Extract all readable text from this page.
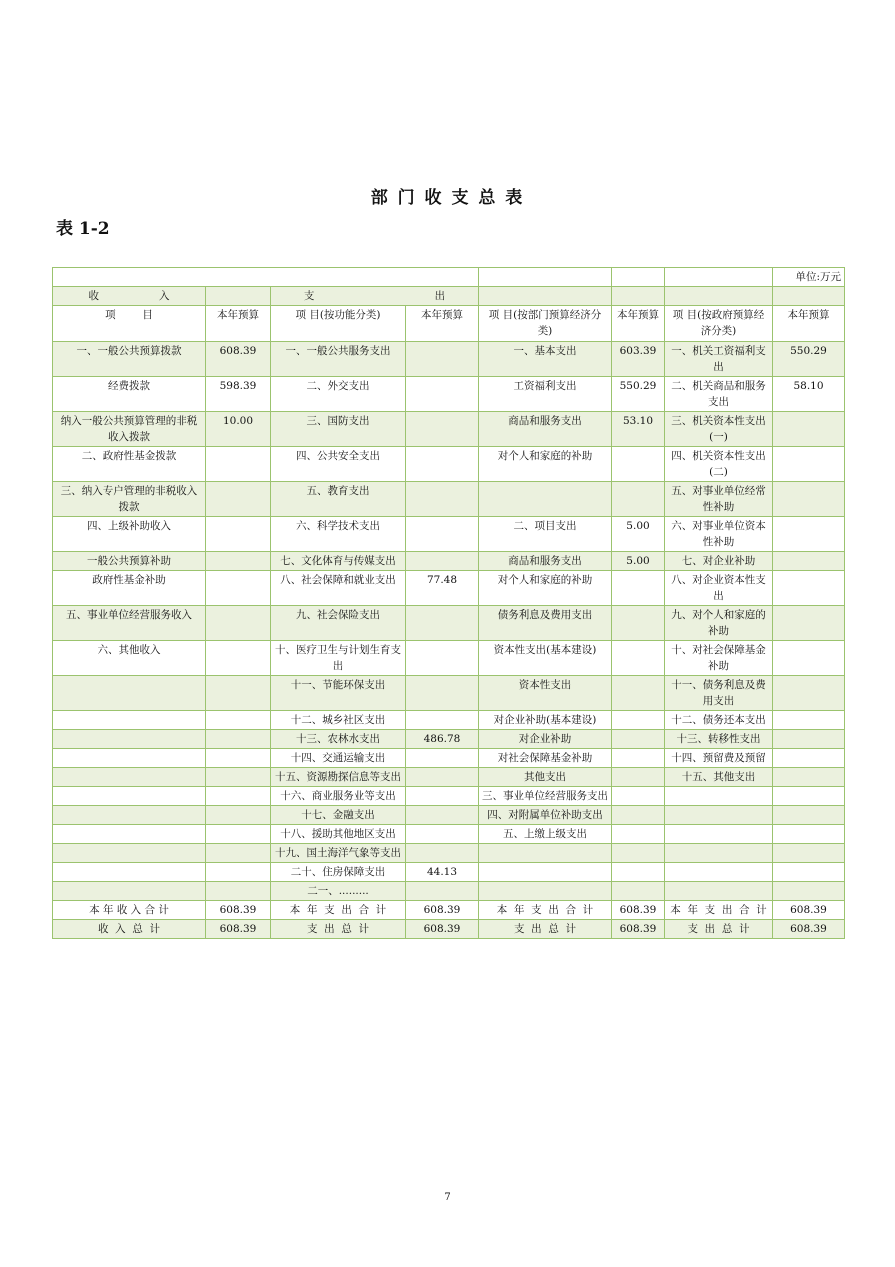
部 门 收 支 总 表

表 1-2

							单位:万元
收                  入		支                                    出					
项        目	本年预算	项 目(按功能分类)	本年预算	项 目(按部门预算经济分类)	本年预算	项 目(按政府预算经济分类)	本年预算
一、一般公共预算拨款	608.39	一、一般公共服务支出		一、基本支出	603.39	一、机关工资福利支出	550.29
经费拨款	598.39	二、外交支出		工资福利支出	550.29	二、机关商品和服务支出	58.10
纳入一般公共预算管理的非税收入拨款	10.00	三、国防支出		商品和服务支出	53.10	三、机关资本性支出(一)	
二、政府性基金拨款		四、公共安全支出		对个人和家庭的补助		四、机关资本性支出(二)	
三、纳入专户管理的非税收入拨款		五、教育支出				五、对事业单位经常性补助	
四、上级补助收入		六、科学技术支出		二、项目支出	5.00	六、对事业单位资本性补助	
一般公共预算补助		七、文化体育与传媒支出		商品和服务支出	5.00	七、对企业补助	
政府性基金补助		八、社会保障和就业支出	77.48	对个人和家庭的补助		八、对企业资本性支出	
五、事业单位经营服务收入		九、社会保险支出		债务利息及费用支出		九、对个人和家庭的补助	
六、其他收入		十、医疗卫生与计划生育支出		资本性支出(基本建设)		十、对社会保障基金补助	
		十一、节能环保支出		资本性支出		十一、债务利息及费用支出	
		十二、城乡社区支出		对企业补助(基本建设)		十二、债务还本支出	
		十三、农林水支出	486.78	对企业补助		十三、转移性支出	
		十四、交通运输支出		对社会保障基金补助		十四、预留费及预留	
		十五、资源勘探信息等支出		其他支出		十五、其他支出	
		十六、商业服务业等支出		三、事业单位经营服务支出			
		十七、金融支出		四、对附属单位补助支出			
		十八、援助其他地区支出		五、上缴上级支出			
		十九、国土海洋气象等支出					
		二十、住房保障支出	44.13				
		二一、.........					
本 年 收 入 合 计	608.39	本  年  支  出  合  计	608.39	本  年  支  出  合  计	608.39	本  年  支  出  合  计	608.39
收  入  总  计	608.39	支  出  总  计	608.39	支  出  总  计	608.39	支  出  总  计	608.39

7
